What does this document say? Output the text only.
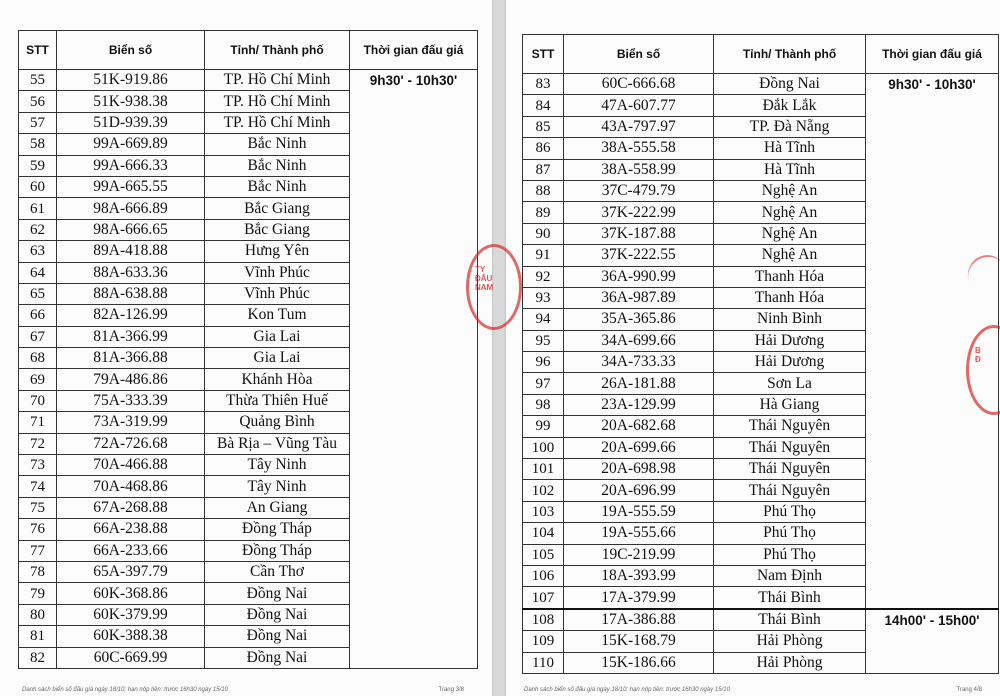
STT	Biển số	Tỉnh/ Thành phố	Thời gian đấu giá
55	51K-919.86	TP. Hồ Chí Minh	9h30' - 10h30'
56	51K-938.38	TP. Hồ Chí Minh	
57	51D-939.39	TP. Hồ Chí Minh	
58	99A-669.89	Bắc Ninh	
59	99A-666.33	Bắc Ninh	
60	99A-665.55	Bắc Ninh	
61	98A-666.89	Bắc Giang	
62	98A-666.65	Bắc Giang	
63	89A-418.88	Hưng Yên	
64	88A-633.36	Vĩnh Phúc	
65	88A-638.88	Vĩnh Phúc	
66	82A-126.99	Kon Tum	
67	81A-366.99	Gia Lai	
68	81A-366.88	Gia Lai	
69	79A-486.86	Khánh Hòa	
70	75A-333.39	Thừa Thiên Huế	
71	73A-319.99	Quảng Bình	
72	72A-726.68	Bà Rịa – Vũng Tàu	
73	70A-466.88	Tây Ninh	
74	70A-468.86	Tây Ninh	
75	67A-268.88	An Giang	
76	66A-238.88	Đồng Tháp	
77	66A-233.66	Đồng Tháp	
78	65A-397.79	Cần Thơ	
79	60K-368.86	Đồng Nai	
80	60K-379.99	Đồng Nai	
81	60K-388.38	Đồng Nai	
82	60C-669.99	Đồng Nai	
Danh sách biển số đấu giá ngày 18/10; hạn nộp tiền: trước 16h30 ngày 15/10	Trang 3/8
STT	Biển số	Tỉnh/ Thành phố	Thời gian đấu giá
83	60C-666.68	Đồng Nai	9h30' - 10h30'
84	47A-607.77	Đắk Lắk	
85	43A-797.97	TP. Đà Nẵng	
86	38A-555.58	Hà Tĩnh	
87	38A-558.99	Hà Tĩnh	
88	37C-479.79	Nghệ An	
89	37K-222.99	Nghệ An	
90	37K-187.88	Nghệ An	
91	37K-222.55	Nghệ An	
92	36A-990.99	Thanh Hóa	
93	36A-987.89	Thanh Hóa	
94	35A-365.86	Ninh Bình	
95	34A-699.66	Hải Dương	
96	34A-733.33	Hải Dương	
97	26A-181.88	Sơn La	
98	23A-129.99	Hà Giang	
99	20A-682.68	Thái Nguyên	
100	20A-699.66	Thái Nguyên	
101	20A-698.98	Thái Nguyên	
102	20A-696.99	Thái Nguyên	
103	19A-555.59	Phú Thọ	
104	19A-555.66	Phú Thọ	
105	19C-219.99	Phú Thọ	
106	18A-393.99	Nam Định	
107	17A-379.99	Thái Bình	
108	17A-386.88	Thái Bình	14h00' - 15h00'
109	15K-168.79	Hải Phòng	
110	15K-186.66	Hải Phòng	
Danh sách biển số đấu giá ngày 18/10; hạn nộp tiền: trước 16h30 ngày 15/10	Trang 4/8
TY
ĐẤU
NAM
B
Đ
